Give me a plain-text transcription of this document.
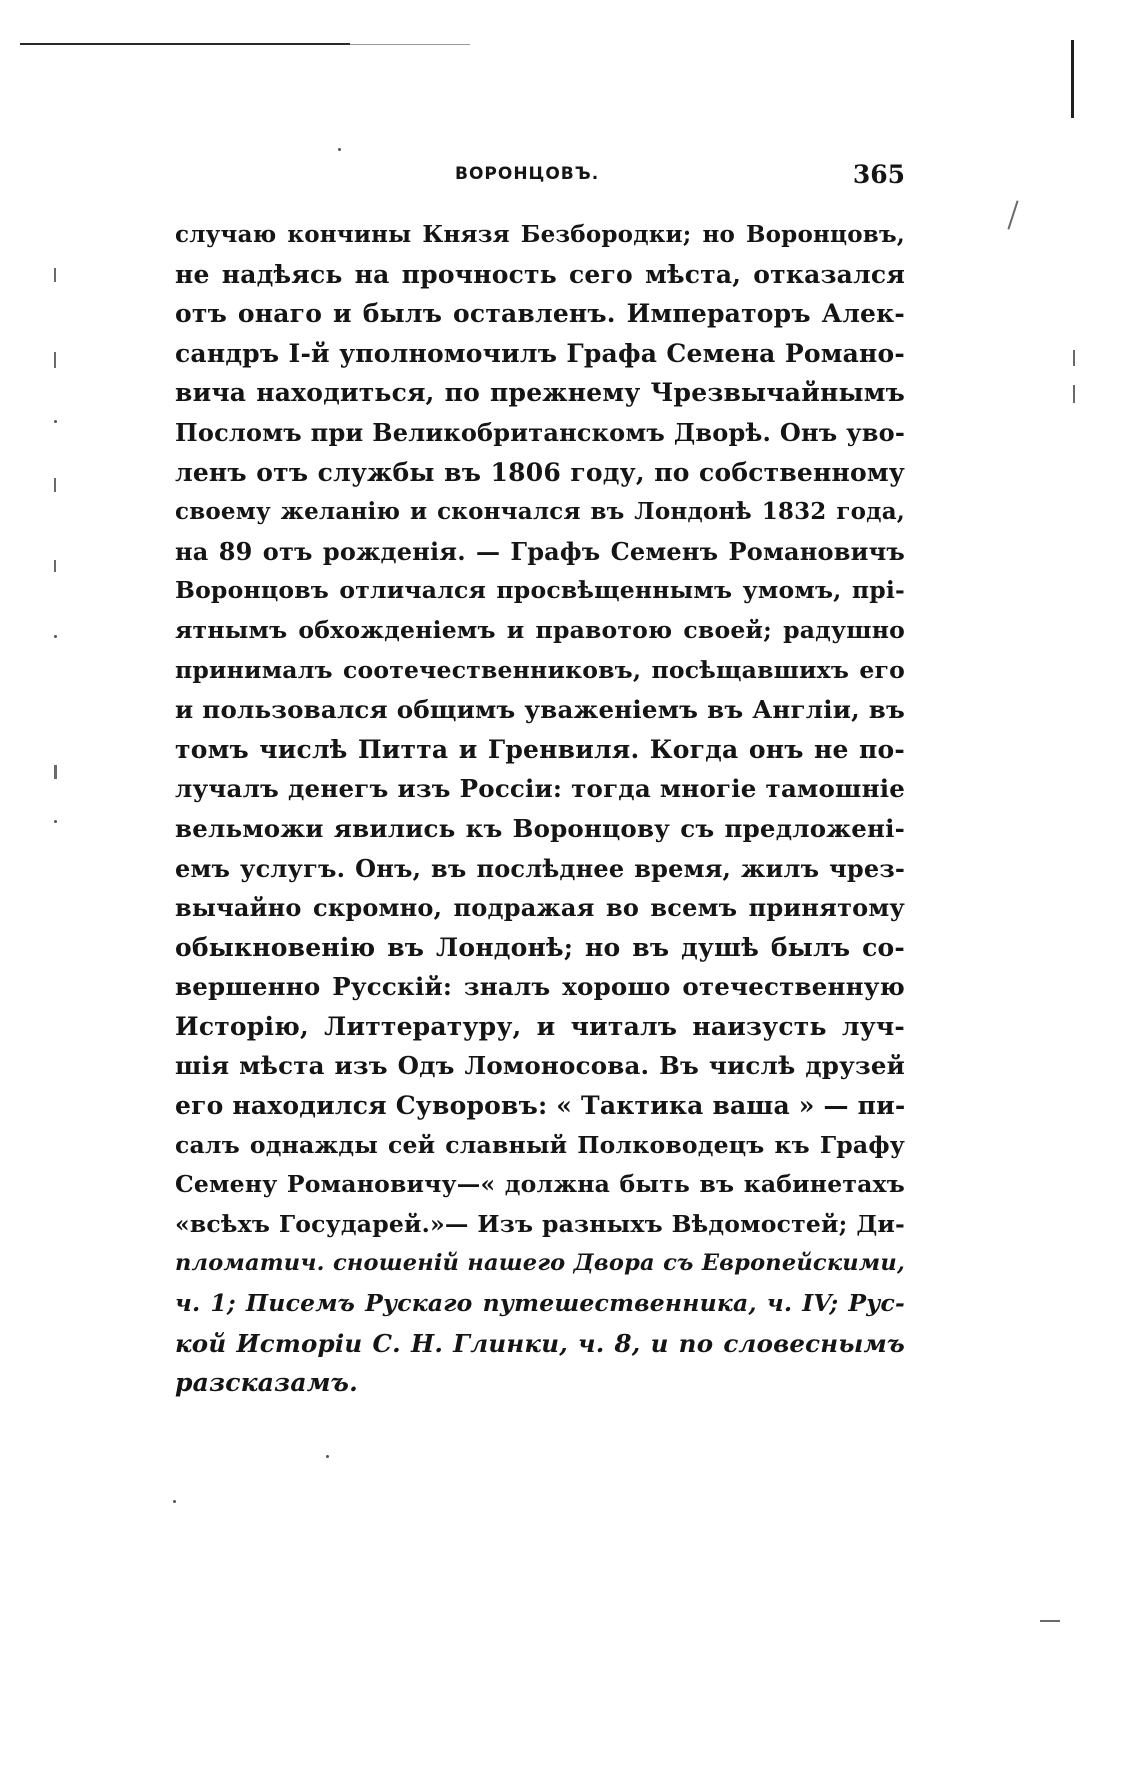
ВОРОНЦОВЪ.	365
случаю кончины Князя Безбородки; но Воронцовъ,
не надѣясь на прочность сего мѣста, отказался
отъ онаго и былъ оставленъ. Императоръ Алек-
сандръ I-й уполномочилъ Графа Семена Романо-
вича находиться, по прежнему Чрезвычайнымъ
Посломъ при Великобританскомъ Дворѣ. Онъ уво-
ленъ отъ службы въ 1806 году, по собственному
своему желанію и скончался въ Лондонѣ 1832 года,
на 89 отъ рожденія. — Графъ Семенъ Романовичъ
Воронцовъ отличался просвѣщеннымъ умомъ, прі-
ятнымъ обхожденіемъ и правотою своей; радушно
принималъ соотечественниковъ, посѣщавшихъ его
и пользовался общимъ уваженіемъ въ Англіи, въ
томъ числѣ Питта и Гренвиля. Когда онъ не по-
лучалъ денегъ изъ Россіи: тогда многіе тамошніе
вельможи явились къ Воронцову съ предложені-
емъ услугъ. Онъ, въ послѣднее время, жилъ чрез-
вычайно скромно, подражая во всемъ принятому
обыкновенію въ Лондонѣ; но въ душѣ былъ со-
вершенно Русскій: зналъ хорошо отечественную
Исторію, Литтературу, и читалъ наизусть луч-
шія мѣста изъ Одъ Ломоносова. Въ числѣ друзей
его находился Суворовъ: « Тактика ваша » — пи-
салъ однажды сей славный Полководецъ къ Графу
Семену Романовичу—« должна быть въ кабинетахъ
«всѣхъ Государей.»— Изъ разныхъ Вѣдомостей; Ди-
пломатич. сношеній нашего Двора съ Европейскими,
ч. 1; Писемъ Рускаго путешественника, ч. IV; Рус-
кой Исторіи С. Н. Глинки, ч. 8, и по словеснымъ
разсказамъ.
